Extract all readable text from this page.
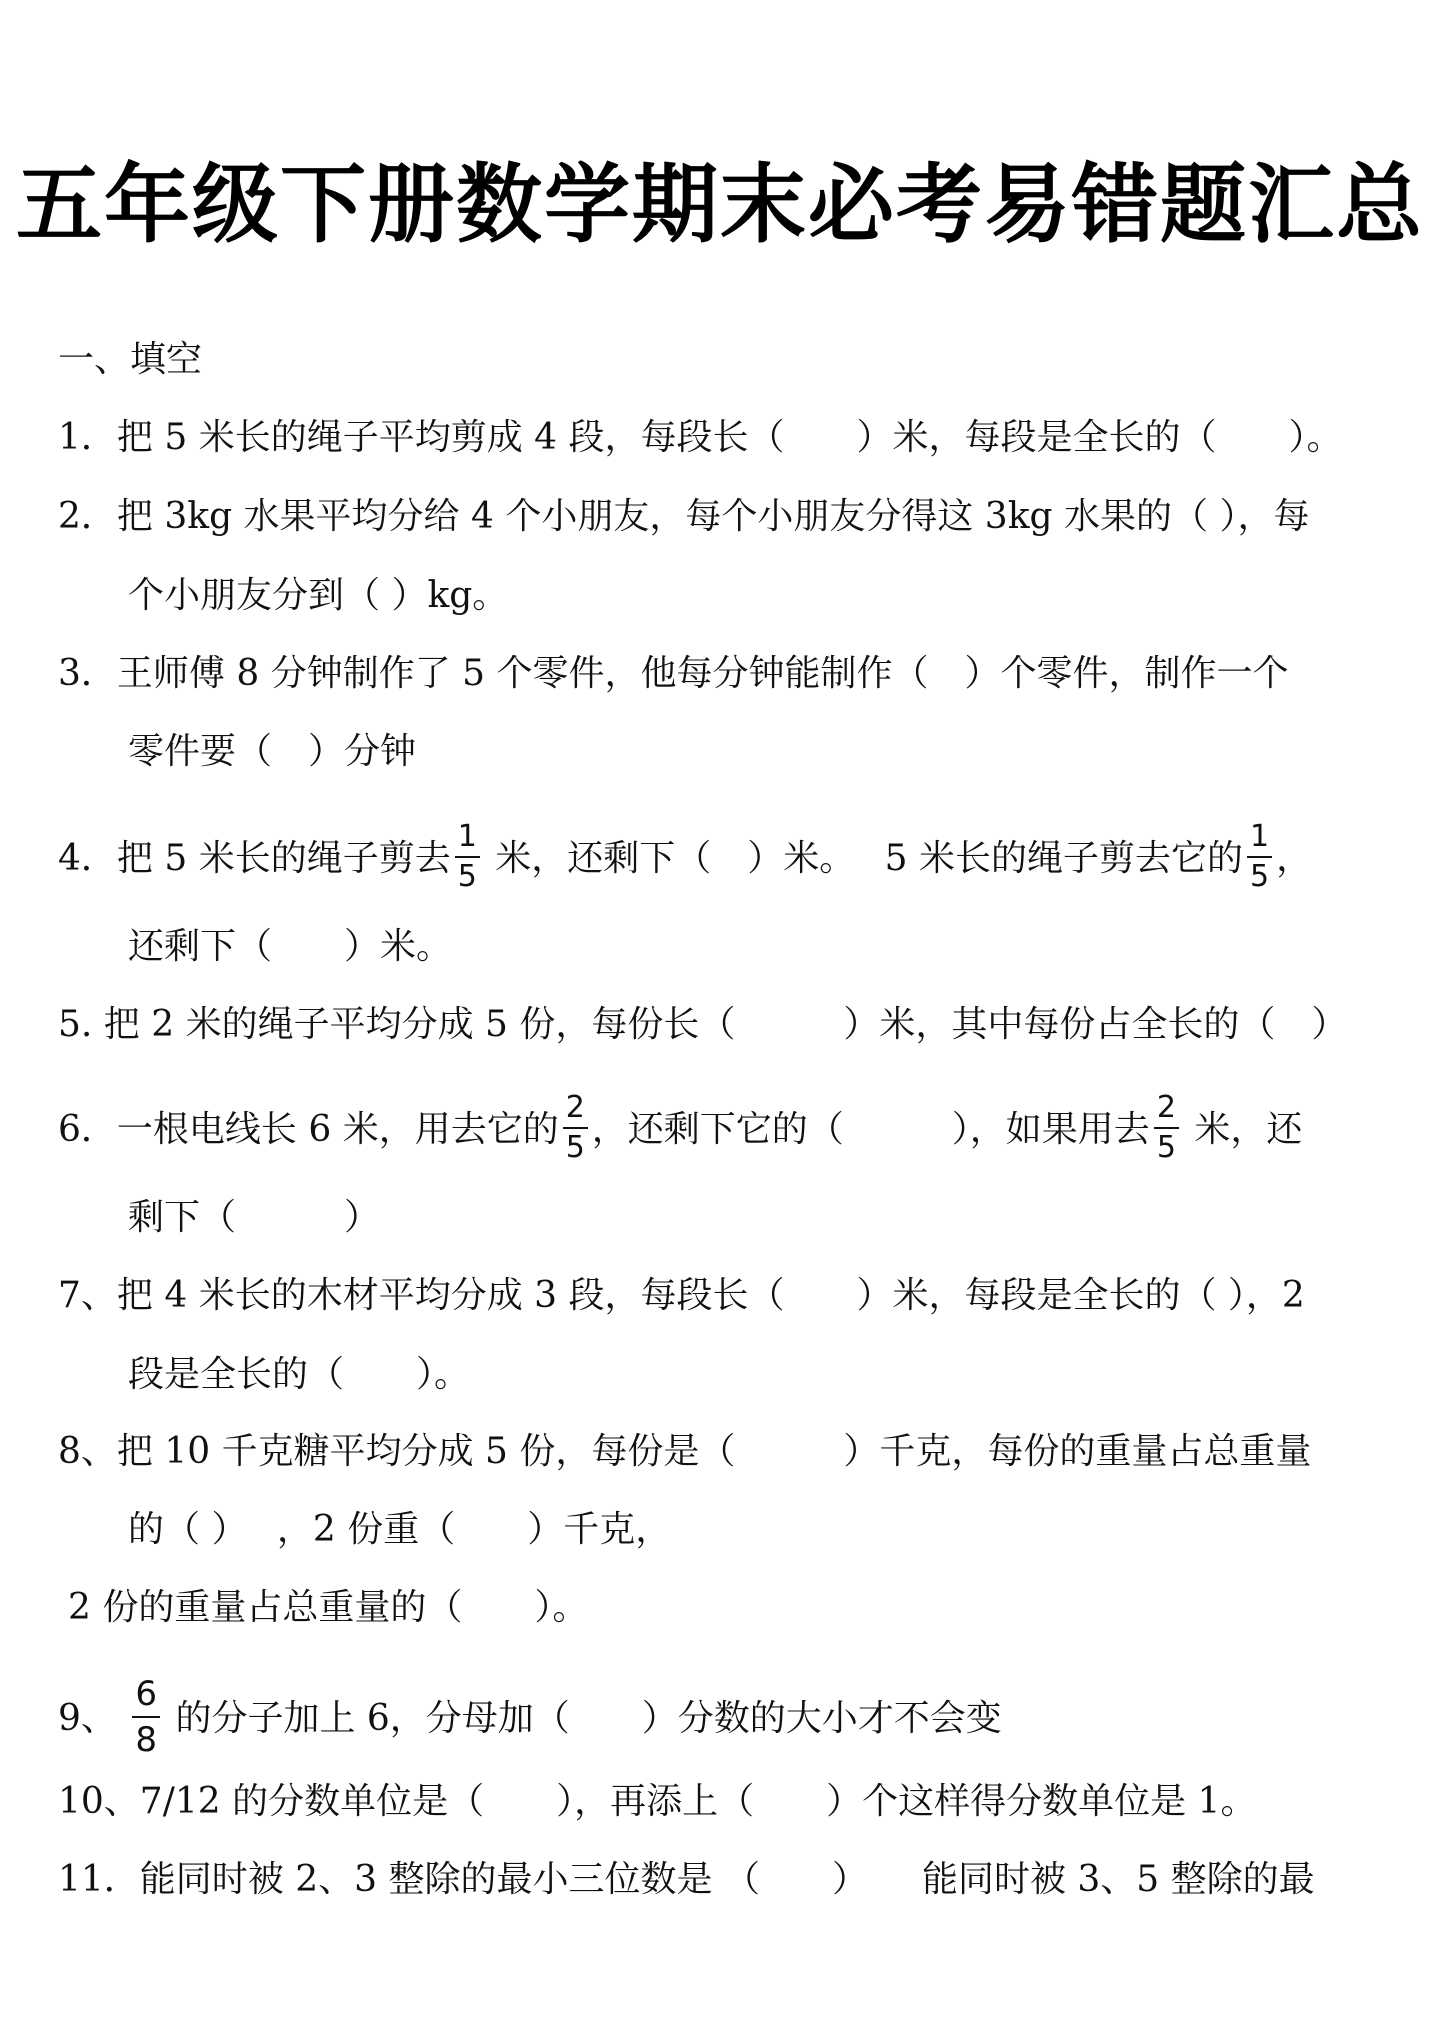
五年级下册数学期末必考易错题汇总
一、填空
1．把 5 米长的绳子平均剪成 4 段，每段长（　　）米，每段是全长的（　　）。
2．把 3kg 水果平均分给 4 个小朋友，每个小朋友分得这 3kg 水果的（ ），每
个小朋友分到（ ）kg。
3．王师傅 8 分钟制作了 5 个零件，他每分钟能制作（　）个零件，制作一个
零件要（　）分钟
4．把 5 米长的绳子剪去 $\frac{1}{5}$ 米，还剩下（　）米。　 5 米长的绳子剪去它的 $\frac{1}{5}$ ，
还剩下（　　）米。
5. 把 2 米的绳子平均分成 5 份，每份长（　　　）米，其中每份占全长的（　）
6．一根电线长 6 米，用去它的 $\frac{2}{5}$ ，还剩下它的（　　　），如果用去 $\frac{2}{5}$ 米，还
剩下（　　　）
7、把 4 米长的木材平均分成 3 段，每段长（　　）米，每段是全长的（ ），2
段是全长的（　　）。
8、把 10 千克糖平均分成 5 份，每份是（　　　）千克，每份的重量占总重量
的（ ）　 ，2 份重（　　）千克，
2 份的重量占总重量的（　　）。
9、 $\frac{6}{8}$ 的分子加上 6，分母加（　　）分数的大小才不会变
10、7/12 的分数单位是（　　），再添上（　　）个这样得分数单位是 1。
11．能同时被 2、3 整除的最小三位数是 （　　）　　能同时被 3、5 整除的最
